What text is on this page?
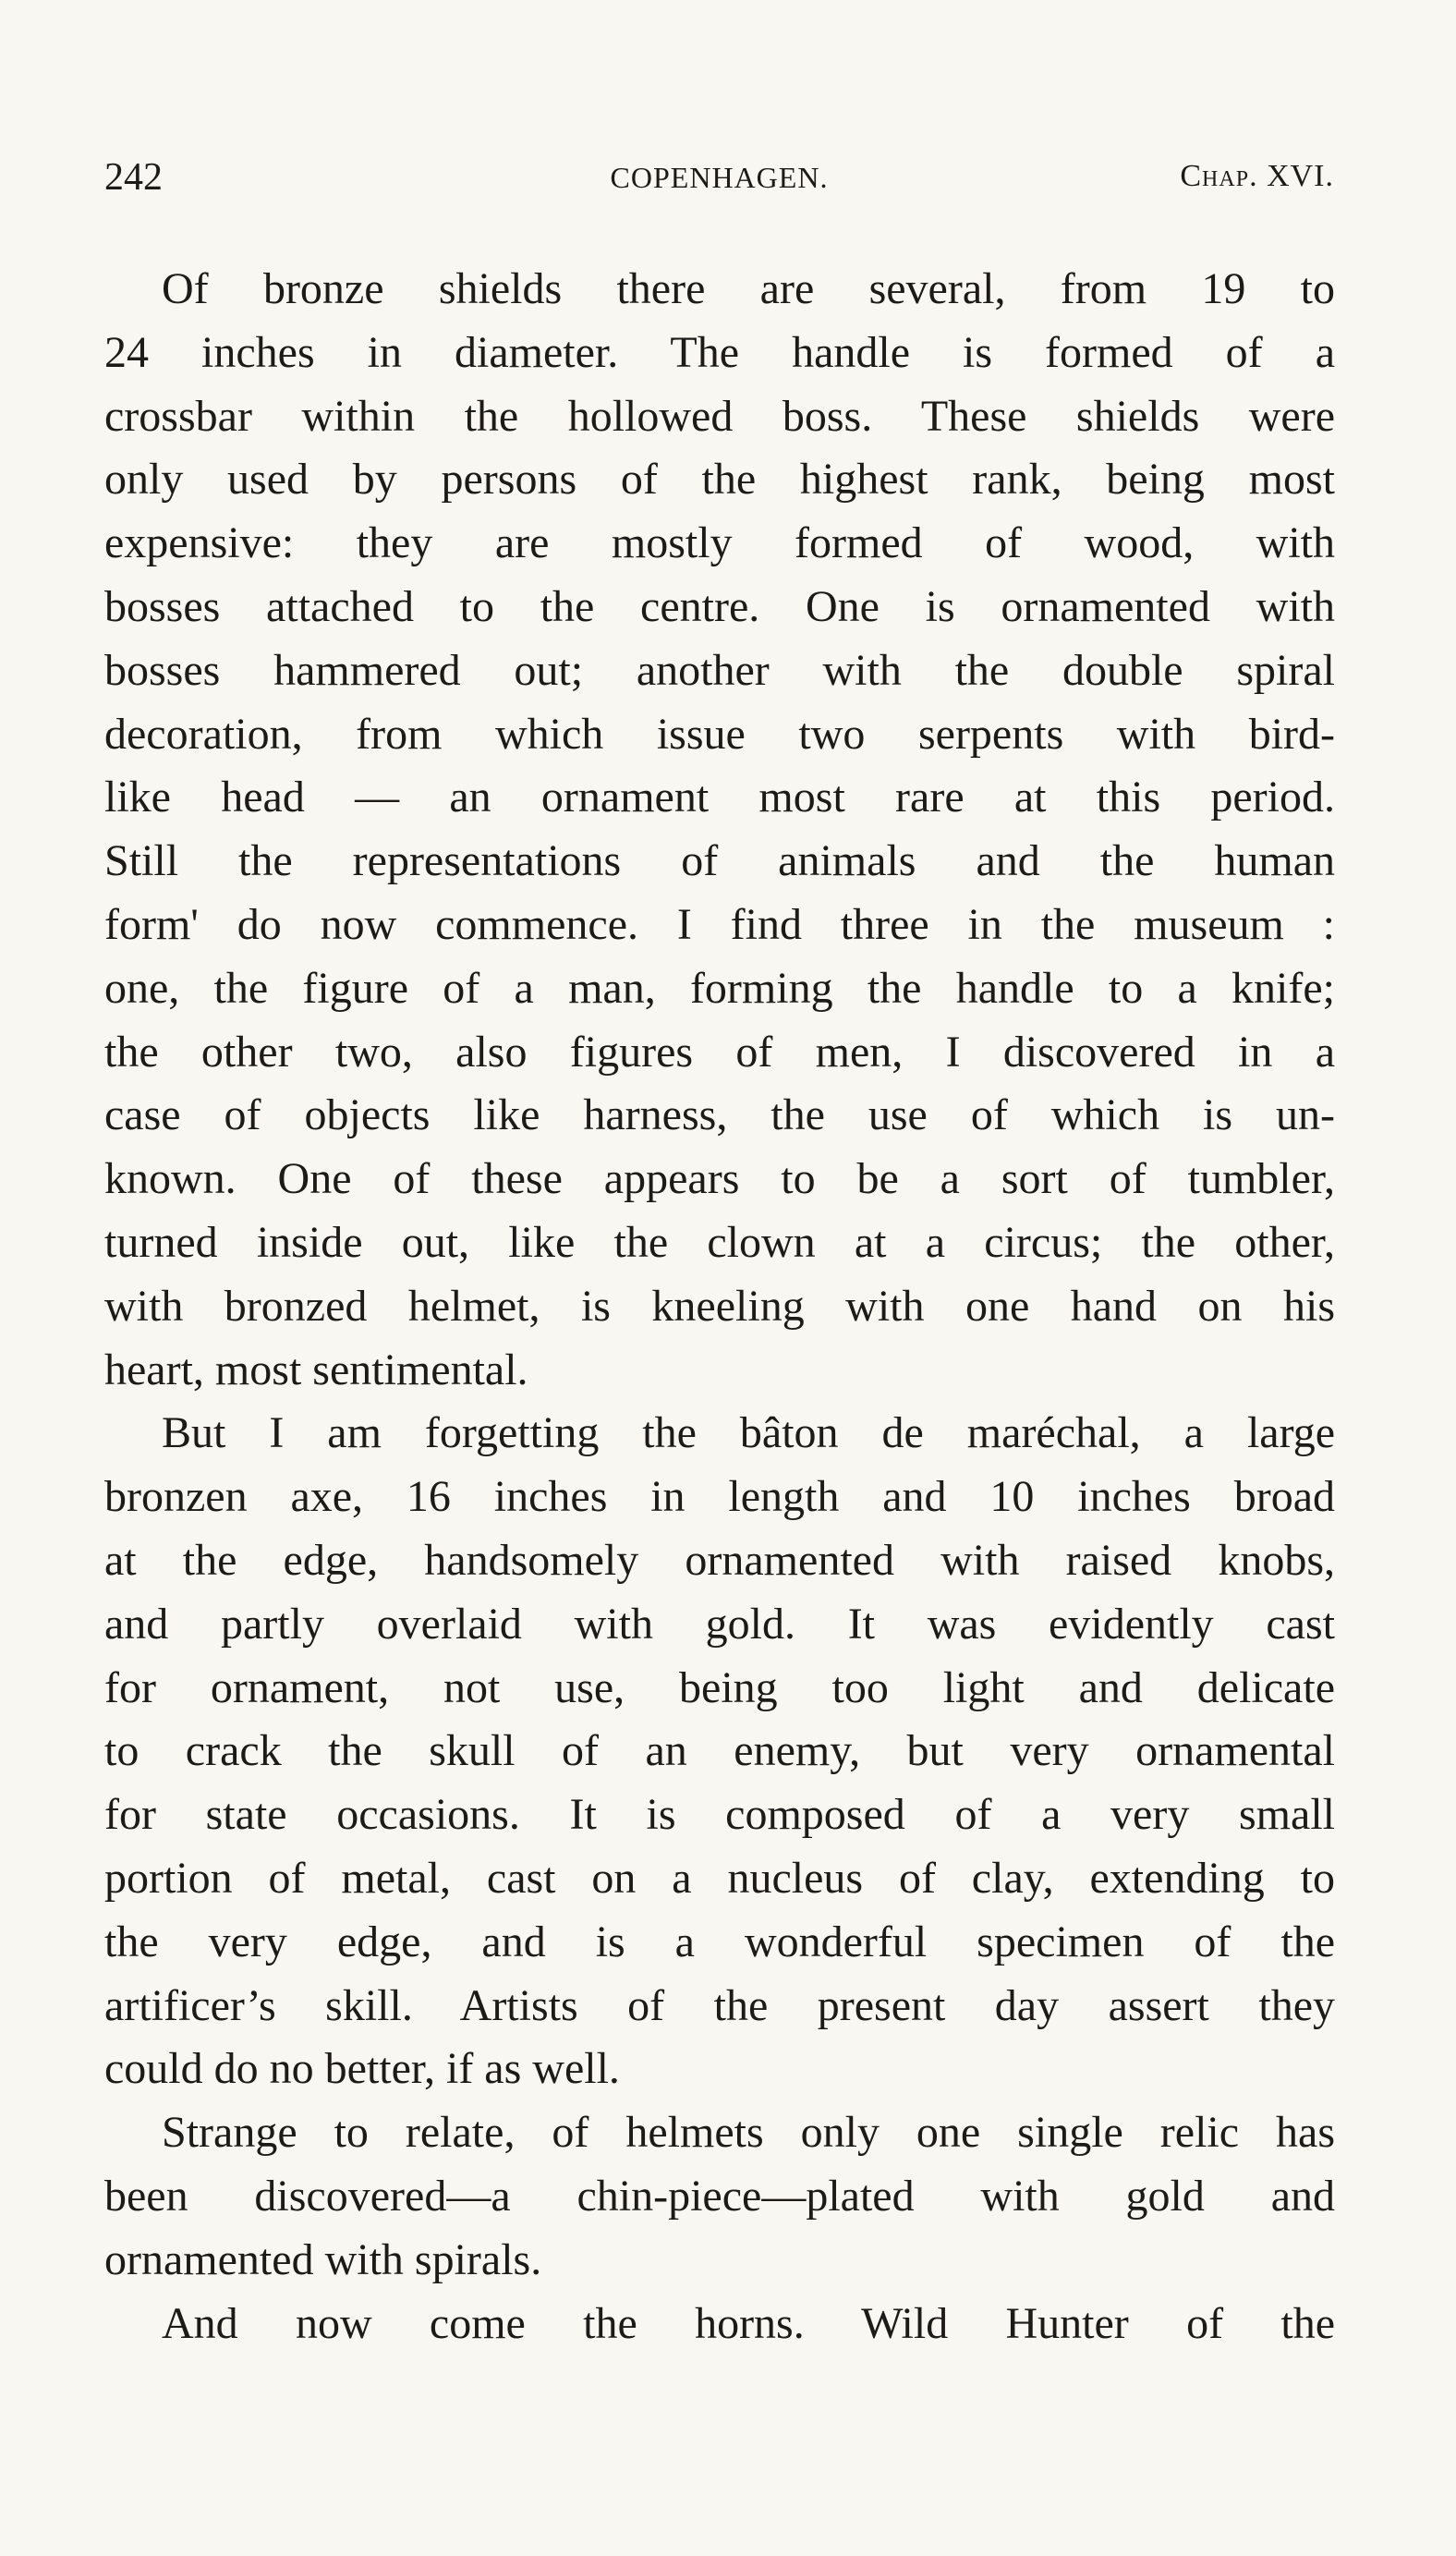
242	COPENHAGEN.	Chap. XVI.
Of bronze shields there are several, from 19 to
24 inches in diameter. The handle is formed of a
crossbar within the hollowed boss. These shields were
only used by persons of the highest rank, being most
expensive: they are mostly formed of wood, with
bosses attached to the centre. One is ornamented with
bosses hammered out; another with the double spiral
decoration, from which issue two serpents with bird-
like head — an ornament most rare at this period.
Still the representations of animals and the human
form' do now commence. I find three in the museum :
one, the figure of a man, forming the handle to a knife;
the other two, also figures of men, I discovered in a
case of objects like harness, the use of which is un-
known. One of these appears to be a sort of tumbler,
turned inside out, like the clown at a circus; the other,
with bronzed helmet, is kneeling with one hand on his
heart, most sentimental.
But I am forgetting the bâton de maréchal, a large
bronzen axe, 16 inches in length and 10 inches broad
at the edge, handsomely ornamented with raised knobs,
and partly overlaid with gold. It was evidently cast
for ornament, not use, being too light and delicate
to crack the skull of an enemy, but very ornamental
for state occasions. It is composed of a very small
portion of metal, cast on a nucleus of clay, extending to
the very edge, and is a wonderful specimen of the
artificer’s skill. Artists of the present day assert they
could do no better, if as well.
Strange to relate, of helmets only one single relic has
been discovered—a chin-piece—plated with gold and
ornamented with spirals.
And now come the horns. Wild Hunter of the
